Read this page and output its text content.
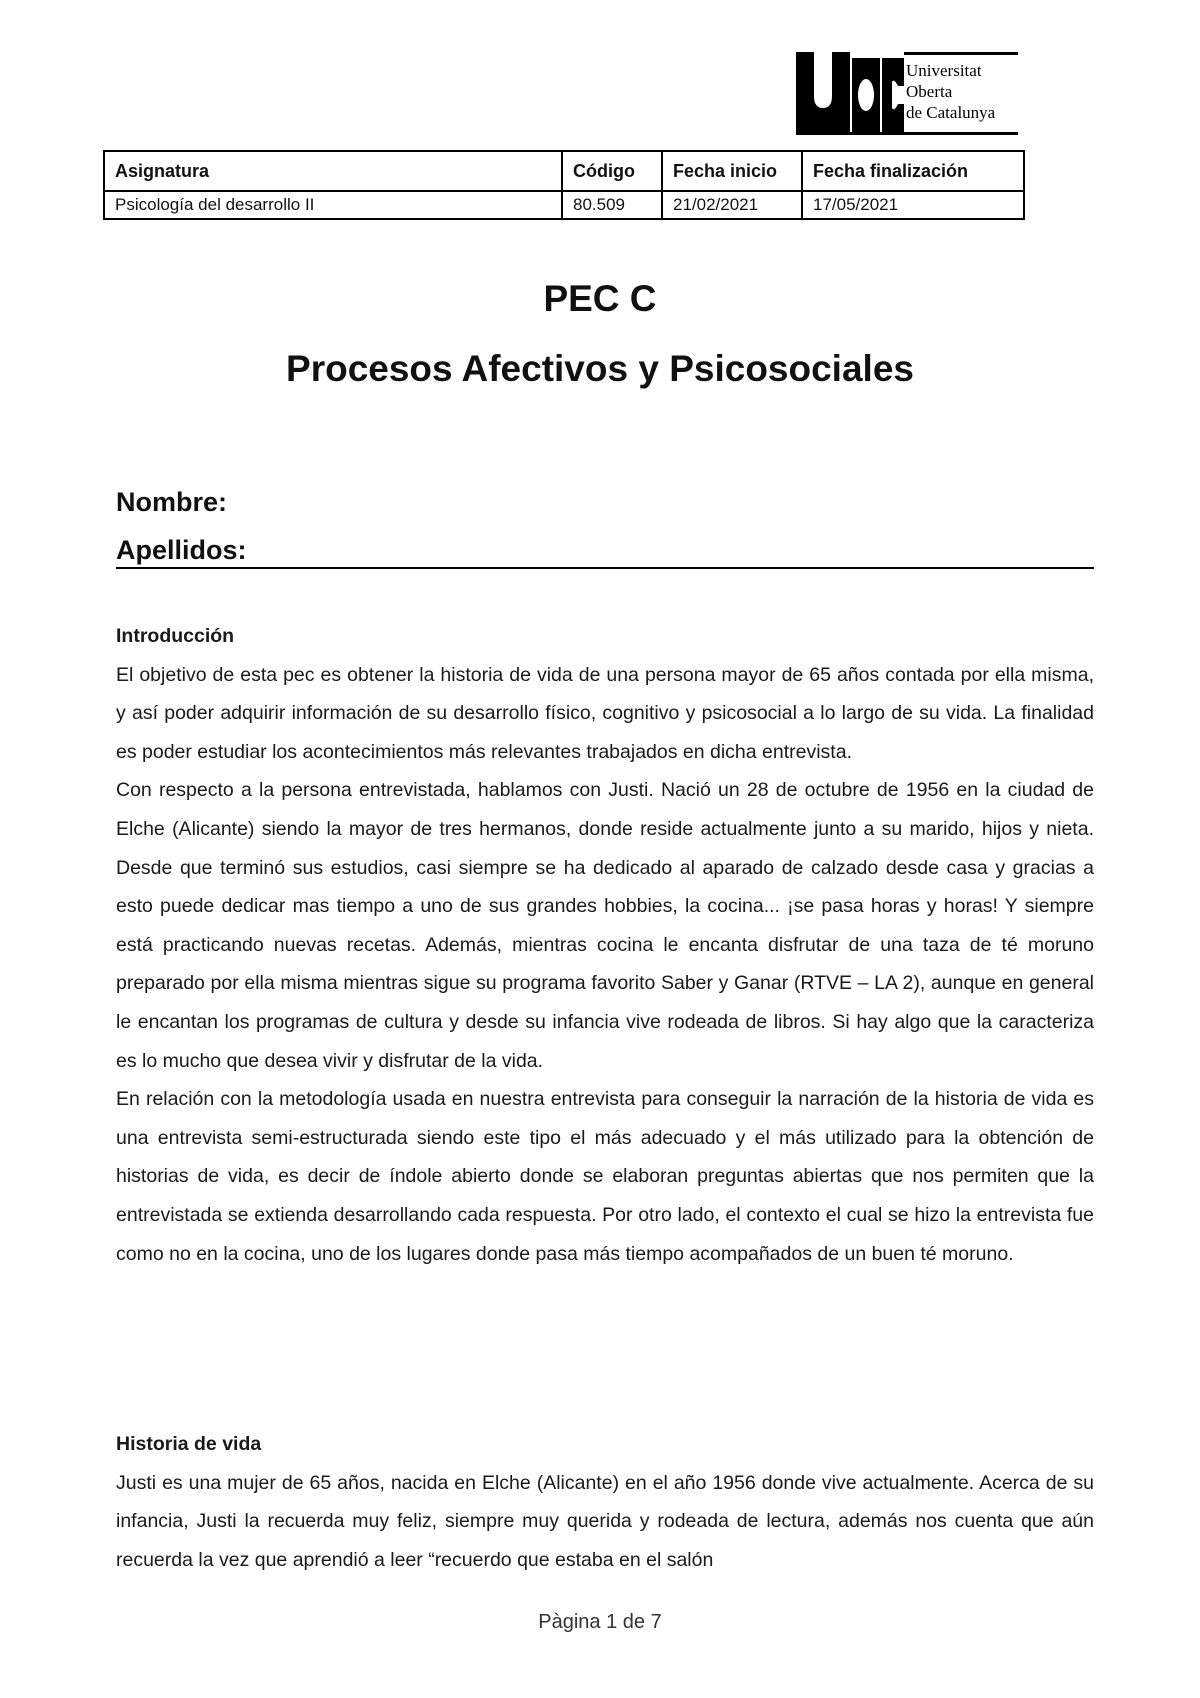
Universitat
Oberta
de Catalunya
Asignatura	Código	Fecha inicio	Fecha finalización
Psicología del desarrollo II	80.509	21/02/2021	17/05/2021
PEC C
Procesos Afectivos y Psicosociales
Nombre:
Apellidos:
Introducción

El objetivo de esta pec es obtener la historia de vida de una persona mayor de 65 años contada por ella misma, y así poder adquirir información de su desarrollo físico, cognitivo y psicosocial a lo largo de su vida. La finalidad es poder estudiar los acontecimientos más relevantes trabajados en dicha entrevista.

Con respecto a la persona entrevistada, hablamos con Justi. Nació un 28 de octubre de 1956 en la ciudad de Elche (Alicante) siendo la mayor de tres hermanos, donde reside actualmente junto a su marido, hijos y nieta. Desde que terminó sus estudios, casi siempre se ha dedicado al aparado de calzado desde casa y gracias a esto puede dedicar mas tiempo a uno de sus grandes hobbies, la cocina... ¡se pasa horas y horas! Y siempre está practicando nuevas recetas. Además, mientras cocina le encanta disfrutar de una taza de té moruno preparado por ella misma mientras sigue su programa favorito Saber y Ganar (RTVE – LA 2), aunque en general le encantan los programas de cultura y desde su infancia vive rodeada de libros. Si hay algo que la caracteriza es lo mucho que desea vivir y disfrutar de la vida.

En relación con la metodología usada en nuestra entrevista para conseguir la narración de la historia de vida es una entrevista semi-estructurada siendo este tipo el más adecuado y el más utilizado para la obtención de historias de vida, es decir de índole abierto donde se elaboran preguntas abiertas que nos permiten que la entrevistada se extienda desarrollando cada respuesta. Por otro lado, el contexto el cual se hizo la entrevista fue como no en la cocina, uno de los lugares donde pasa más tiempo acompañados de un buen té moruno.

Historia de vida

Justi es una mujer de 65 años, nacida en Elche (Alicante) en el año 1956 donde vive actualmente. Acerca de su infancia, Justi la recuerda muy feliz, siempre muy querida y rodeada de lectura, además nos cuenta que aún recuerda la vez que aprendió a leer “recuerdo que estaba en el salón

Pàgina 1 de 7
